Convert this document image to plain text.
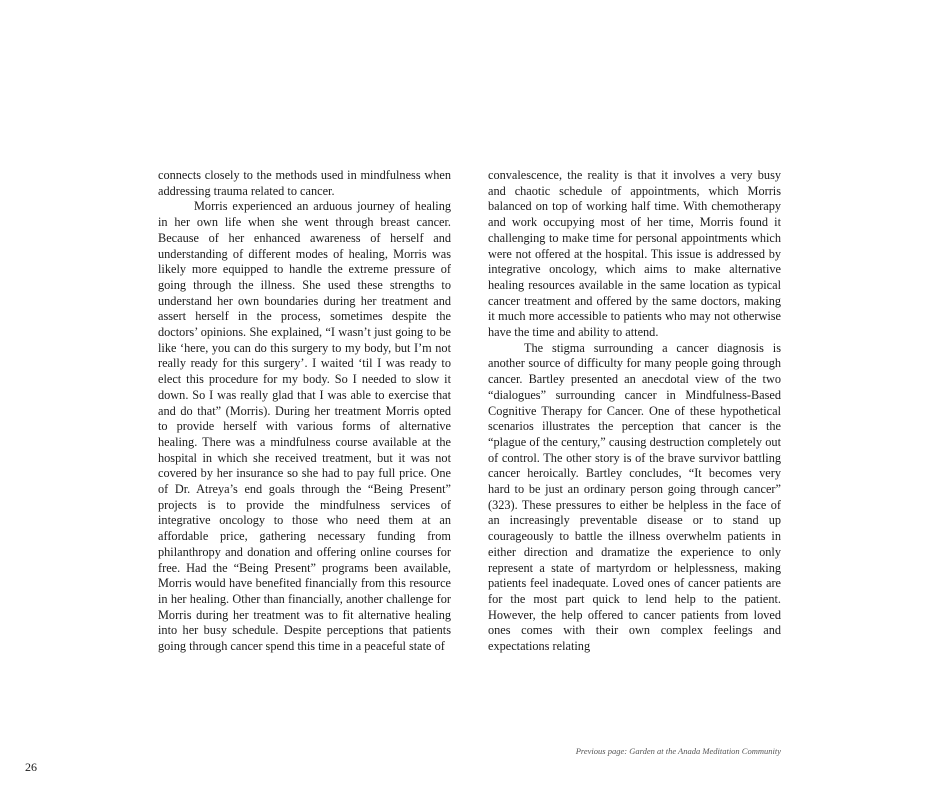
connects closely to the methods used in mindfulness when addressing trauma related to cancer.

Morris experienced an arduous journey of healing in her own life when she went through breast cancer. Because of her enhanced awareness of herself and understanding of different modes of healing, Morris was likely more equipped to handle the extreme pressure of going through the illness. She used these strengths to understand her own boundaries during her treatment and assert herself in the process, sometimes despite the doctors’ opinions. She explained, “I wasn’t just going to be like ‘here, you can do this surgery to my body, but I’m not really ready for this surgery’. I waited ‘til I was ready to elect this procedure for my body. So I needed to slow it down. So I was really glad that I was able to exercise that and do that” (Morris). During her treatment Morris opted to provide herself with various forms of alternative healing. There was a mindfulness course available at the hospital in which she received treatment, but it was not covered by her insurance so she had to pay full price. One of Dr. Atreya’s end goals through the “Being Present” projects is to provide the mindfulness services of integrative oncology to those who need them at an affordable price, gathering necessary funding from philanthropy and donation and offering online courses for free. Had the “Being Present” programs been available, Morris would have benefited financially from this resource in her healing. Other than financially, another challenge for Morris during her treatment was to fit alternative healing into her busy schedule. Despite perceptions that patients going through cancer spend this time in a peaceful state of

convalescence, the reality is that it involves a very busy and chaotic schedule of appointments, which Morris balanced on top of working half time. With chemotherapy and work occupying most of her time, Morris found it challenging to make time for personal appointments which were not offered at the hospital. This issue is addressed by integrative oncology, which aims to make alternative healing resources available in the same location as typical cancer treatment and offered by the same doctors, making it much more accessible to patients who may not otherwise have the time and ability to attend.

The stigma surrounding a cancer diagnosis is another source of difficulty for many people going through cancer. Bartley presented an anecdotal view of the two “dialogues” surrounding cancer in Mindfulness-Based Cognitive Therapy for Cancer. One of these hypothetical scenarios illustrates the perception that cancer is the “plague of the century,” causing destruction completely out of control. The other story is of the brave survivor battling cancer heroically. Bartley concludes, “It becomes very hard to be just an ordinary person going through cancer” (323). These pressures to either be helpless in the face of an increasingly preventable disease or to stand up courageously to battle the illness overwhelm patients in either direction and dramatize the experience to only represent a state of martyrdom or helplessness, making patients feel inadequate. Loved ones of cancer patients are for the most part quick to lend help to the patient. However, the help offered to cancer patients from loved ones comes with their own complex feelings and expectations relating

Previous page: Garden at the Anada Meditation Community
26
